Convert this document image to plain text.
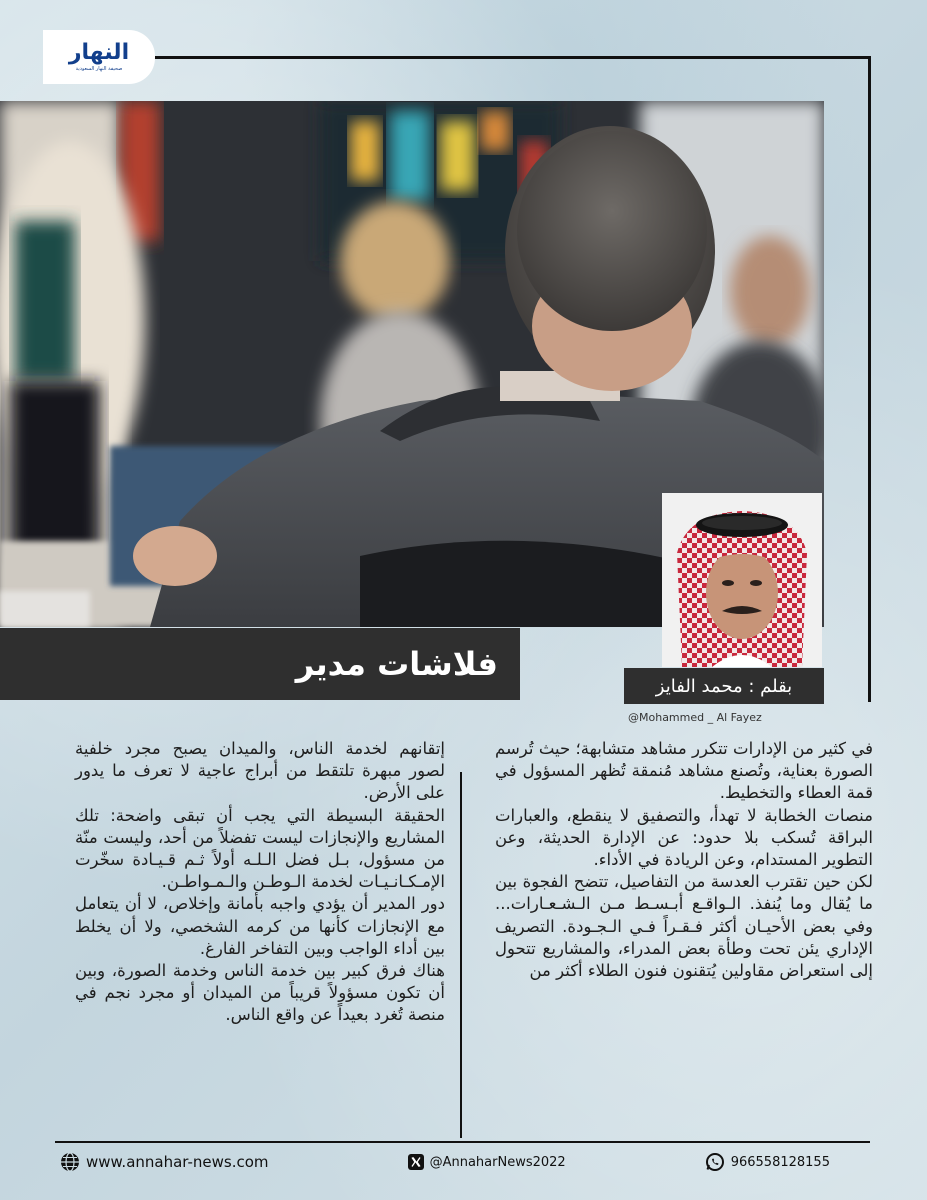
النهار
صحيفة النهار السعودية
فلاشات مدير
بقلم : محمد الفايز
@Mohammed _ Al Fayez

في كثير من الإدارات تتكرر مشاهد متشابهة؛ حيث تُرسم الصورة بعناية، وتُصنع مشاهد مُنمقة تُظهر المسؤول في قمة العطاء والتخطيط.

منصات الخطابة لا تهدأ، والتصفيق لا ينقطع، والعبارات البراقة تُسكب بلا حدود: عن الإدارة الحديثة، وعن التطوير المستدام، وعن الريادة في الأداء.

لكن حين تقترب العدسة من التفاصيل، تتضح الفجوة بين ما يُقال وما يُنفذ. الـواقـع أبـسـط مـن الـشـعـارات... وفي بعض الأحيـان أكثر فـقـراً فـي الـجـودة. التصريف الإداري يئن تحت وطأة بعض المدراء، والمشاريع تتحول إلى استعراض مقاولين يُتقنون فنون الطلاء أكثر من

إتقانهم لخدمة الناس، والميدان يصبح مجرد خلفية لصور مبهرة تلتقط من أبراج عاجية لا تعرف ما يدور على الأرض.

الحقيقة البسيطة التي يجب أن تبقى واضحة: تلك المشاريع والإنجازات ليست تفضلاً من أحد، وليست منّة من مسؤول، بـل فضل الـلـه أولاً ثـم قـيـادة سخّرت الإمـكـانـيـات لخدمة الـوطـن والـمـواطـن.

دور المدير أن يؤدي واجبه بأمانة وإخلاص، لا أن يتعامل مع الإنجازات كأنها من كرمه الشخصي، ولا أن يخلط بين أداء الواجب وبين التفاخر الفارغ.

هناك فرق كبير بين خدمة الناس وخدمة الصورة، وبين أن تكون مسؤولاً قريباً من الميدان أو مجرد نجم في منصة تُغرد بعيداً عن واقع الناس.

www.annahar-news.com	@AnnaharNews2022	966558128155
